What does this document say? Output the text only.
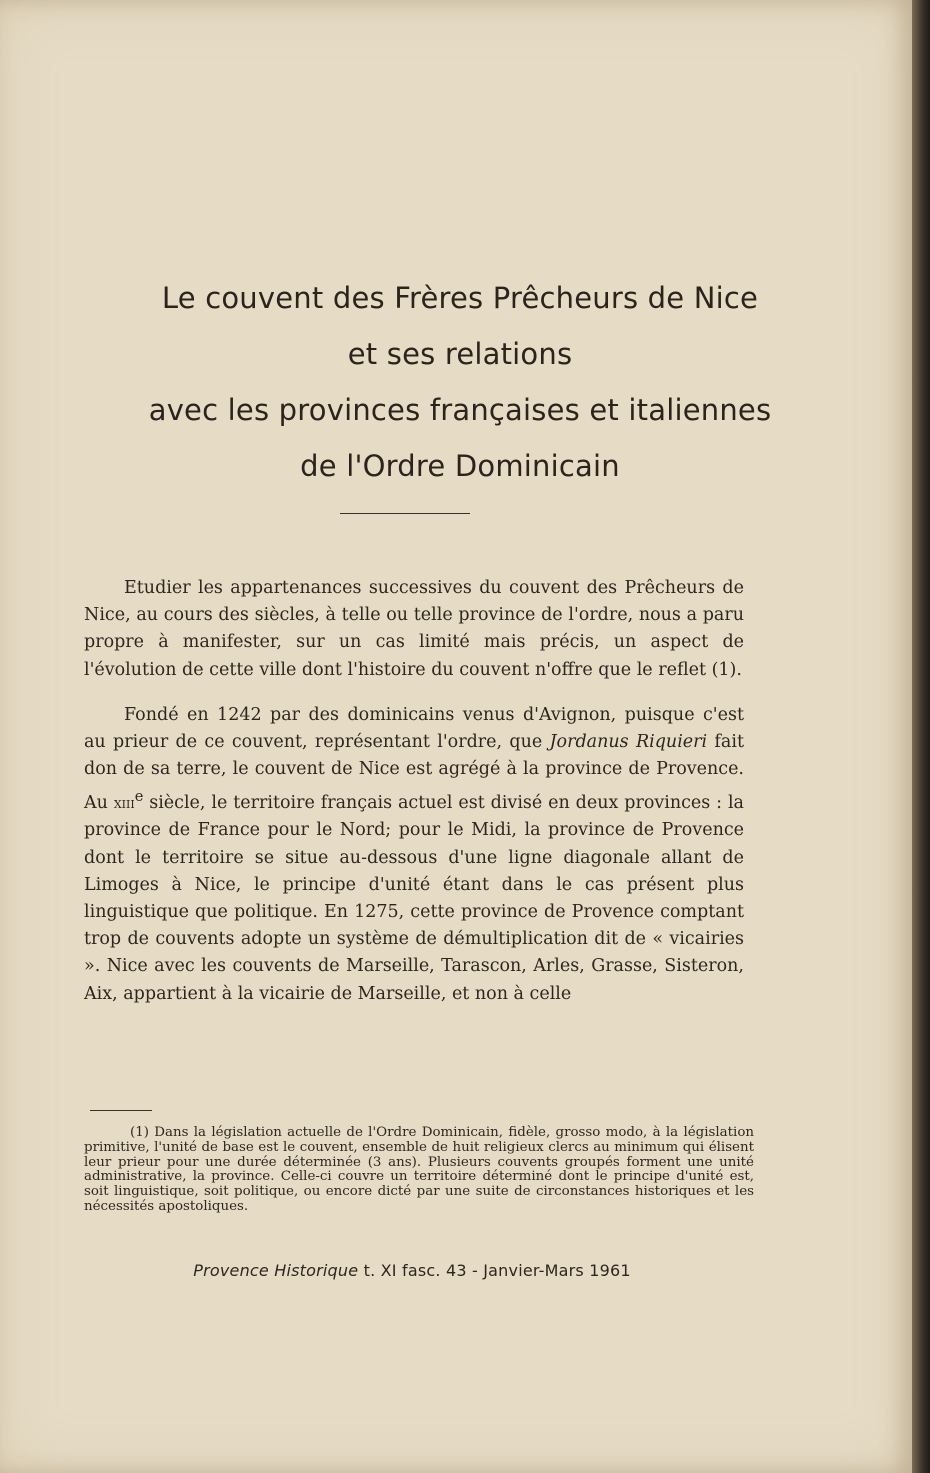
Le couvent des Frères Prêcheurs de Nice
et ses relations
avec les provinces françaises et italiennes
de l'Ordre Dominicain

Etudier les appartenances successives du couvent des Prêcheurs de Nice, au cours des siècles, à telle ou telle province de l'ordre, nous a paru propre à manifester, sur un cas limité mais précis, un aspect de l'évolution de cette ville dont l'histoire du couvent n'offre que le reflet (1).

Fondé en 1242 par des dominicains venus d'Avignon, puisque c'est au prieur de ce couvent, représentant l'ordre, que Jordanus Riquieri fait don de sa terre, le couvent de Nice est agrégé à la province de Provence. Au xiii$^e$ siècle, le territoire français actuel est divisé en deux provinces : la province de France pour le Nord; pour le Midi, la province de Provence dont le territoire se situe au-dessous d'une ligne diagonale allant de Limoges à Nice, le principe d'unité étant dans le cas présent plus linguistique que politique. En 1275, cette province de Provence comptant trop de couvents adopte un système de démultiplication dit de « vicairies ». Nice avec les couvents de Marseille, Tarascon, Arles, Grasse, Sisteron, Aix, appartient à la vicairie de Marseille, et non à celle

(1) Dans la législation actuelle de l'Ordre Dominicain, fidèle, grosso modo, à la législation primitive, l'unité de base est le couvent, ensemble de huit religieux clercs au minimum qui élisent leur prieur pour une durée déterminée (3 ans). Plusieurs couvents groupés forment une unité administrative, la province. Celle-ci couvre un territoire déterminé dont le principe d'unité est, soit linguistique, soit politique, ou encore dicté par une suite de circonstances historiques et les nécessités apostoliques.
Provence Historique t. XI fasc. 43 - Janvier-Mars 1961
